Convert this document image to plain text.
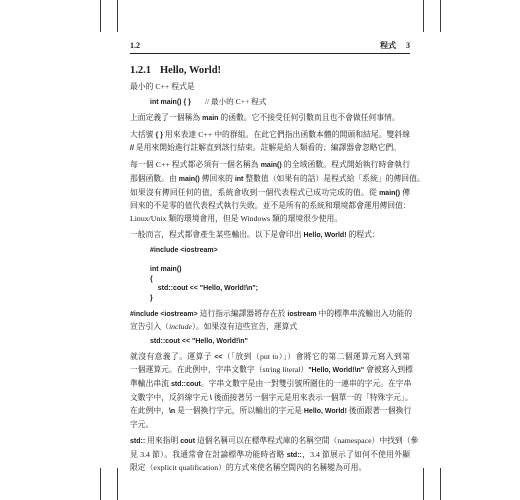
1.2	程式 3
1.2.1 Hello, World!
最小的 C++ 程式是
int main() { } // 最小的 C++ 程式
上面定義了一個稱為 main 的函數。它不接受任何引數而且也不會做任何事情。
大括號 { } 用來表達 C++ 中的群組。在此它們指出函數本體的開頭和結尾。雙斜線
// 是用來開始進行註解直到該行結束。註解是給人類看的；編譯器會忽略它們。
每一個 C++ 程式都必須有一個名稱為 main() 的全域函數。程式開始執行時會執行
那個函數。由 main() 傳回來的 int 整數值（如果有的話）是程式給「系統」的傳回值。
如果沒有傳回任何的值，系統會收到一個代表程式已成功完成的值。從 main() 傳
回來的不是零的值代表程式執行失敗。並不是所有的系統和環境都會運用傳回值：
Linux/Unix 類的環境會用，但是 Windows 類的環境很少使用。
一般而言，程式都會產生某些輸出。以下是會印出 Hello, World! 的程式：
#include <iostream>
int main()
{
std::cout << "Hello, World!\n";
}
#include <iostream> 這行指示編譯器將存在於 iostream 中的標準串流輸出入功能的
宣告引入（include）。如果沒有這些宣告，運算式
std::cout << "Hello, World!\n"
就沒有意義了。運算子 <<（「放到（put to）」）會將它的第二個運算元寫入到第
一個運算元。在此例中，字串文數字（string literal）"Hello, World!\n" 會被寫入到標
準輸出串流 std::cout。字串文數字是由一對雙引號所圍住的一連串的字元。在字串
文數字中，反斜線字元 \ 後面接著另一個字元是用來表示一個單一的「特殊字元」。
在此例中，\n 是一個換行字元，所以輸出的字元是 Hello, World! 後面跟著一個換行
字元。
std:: 用來指明 cout 這個名稱可以在標準程式庫的名稱空間（namespace）中找到（參
見 3.4 節）。我通常會在討論標準功能時省略 std::，3.4 節展示了如何不使用外顯
限定（explicit qualification）的方式來使名稱空間內的名稱變為可用。
